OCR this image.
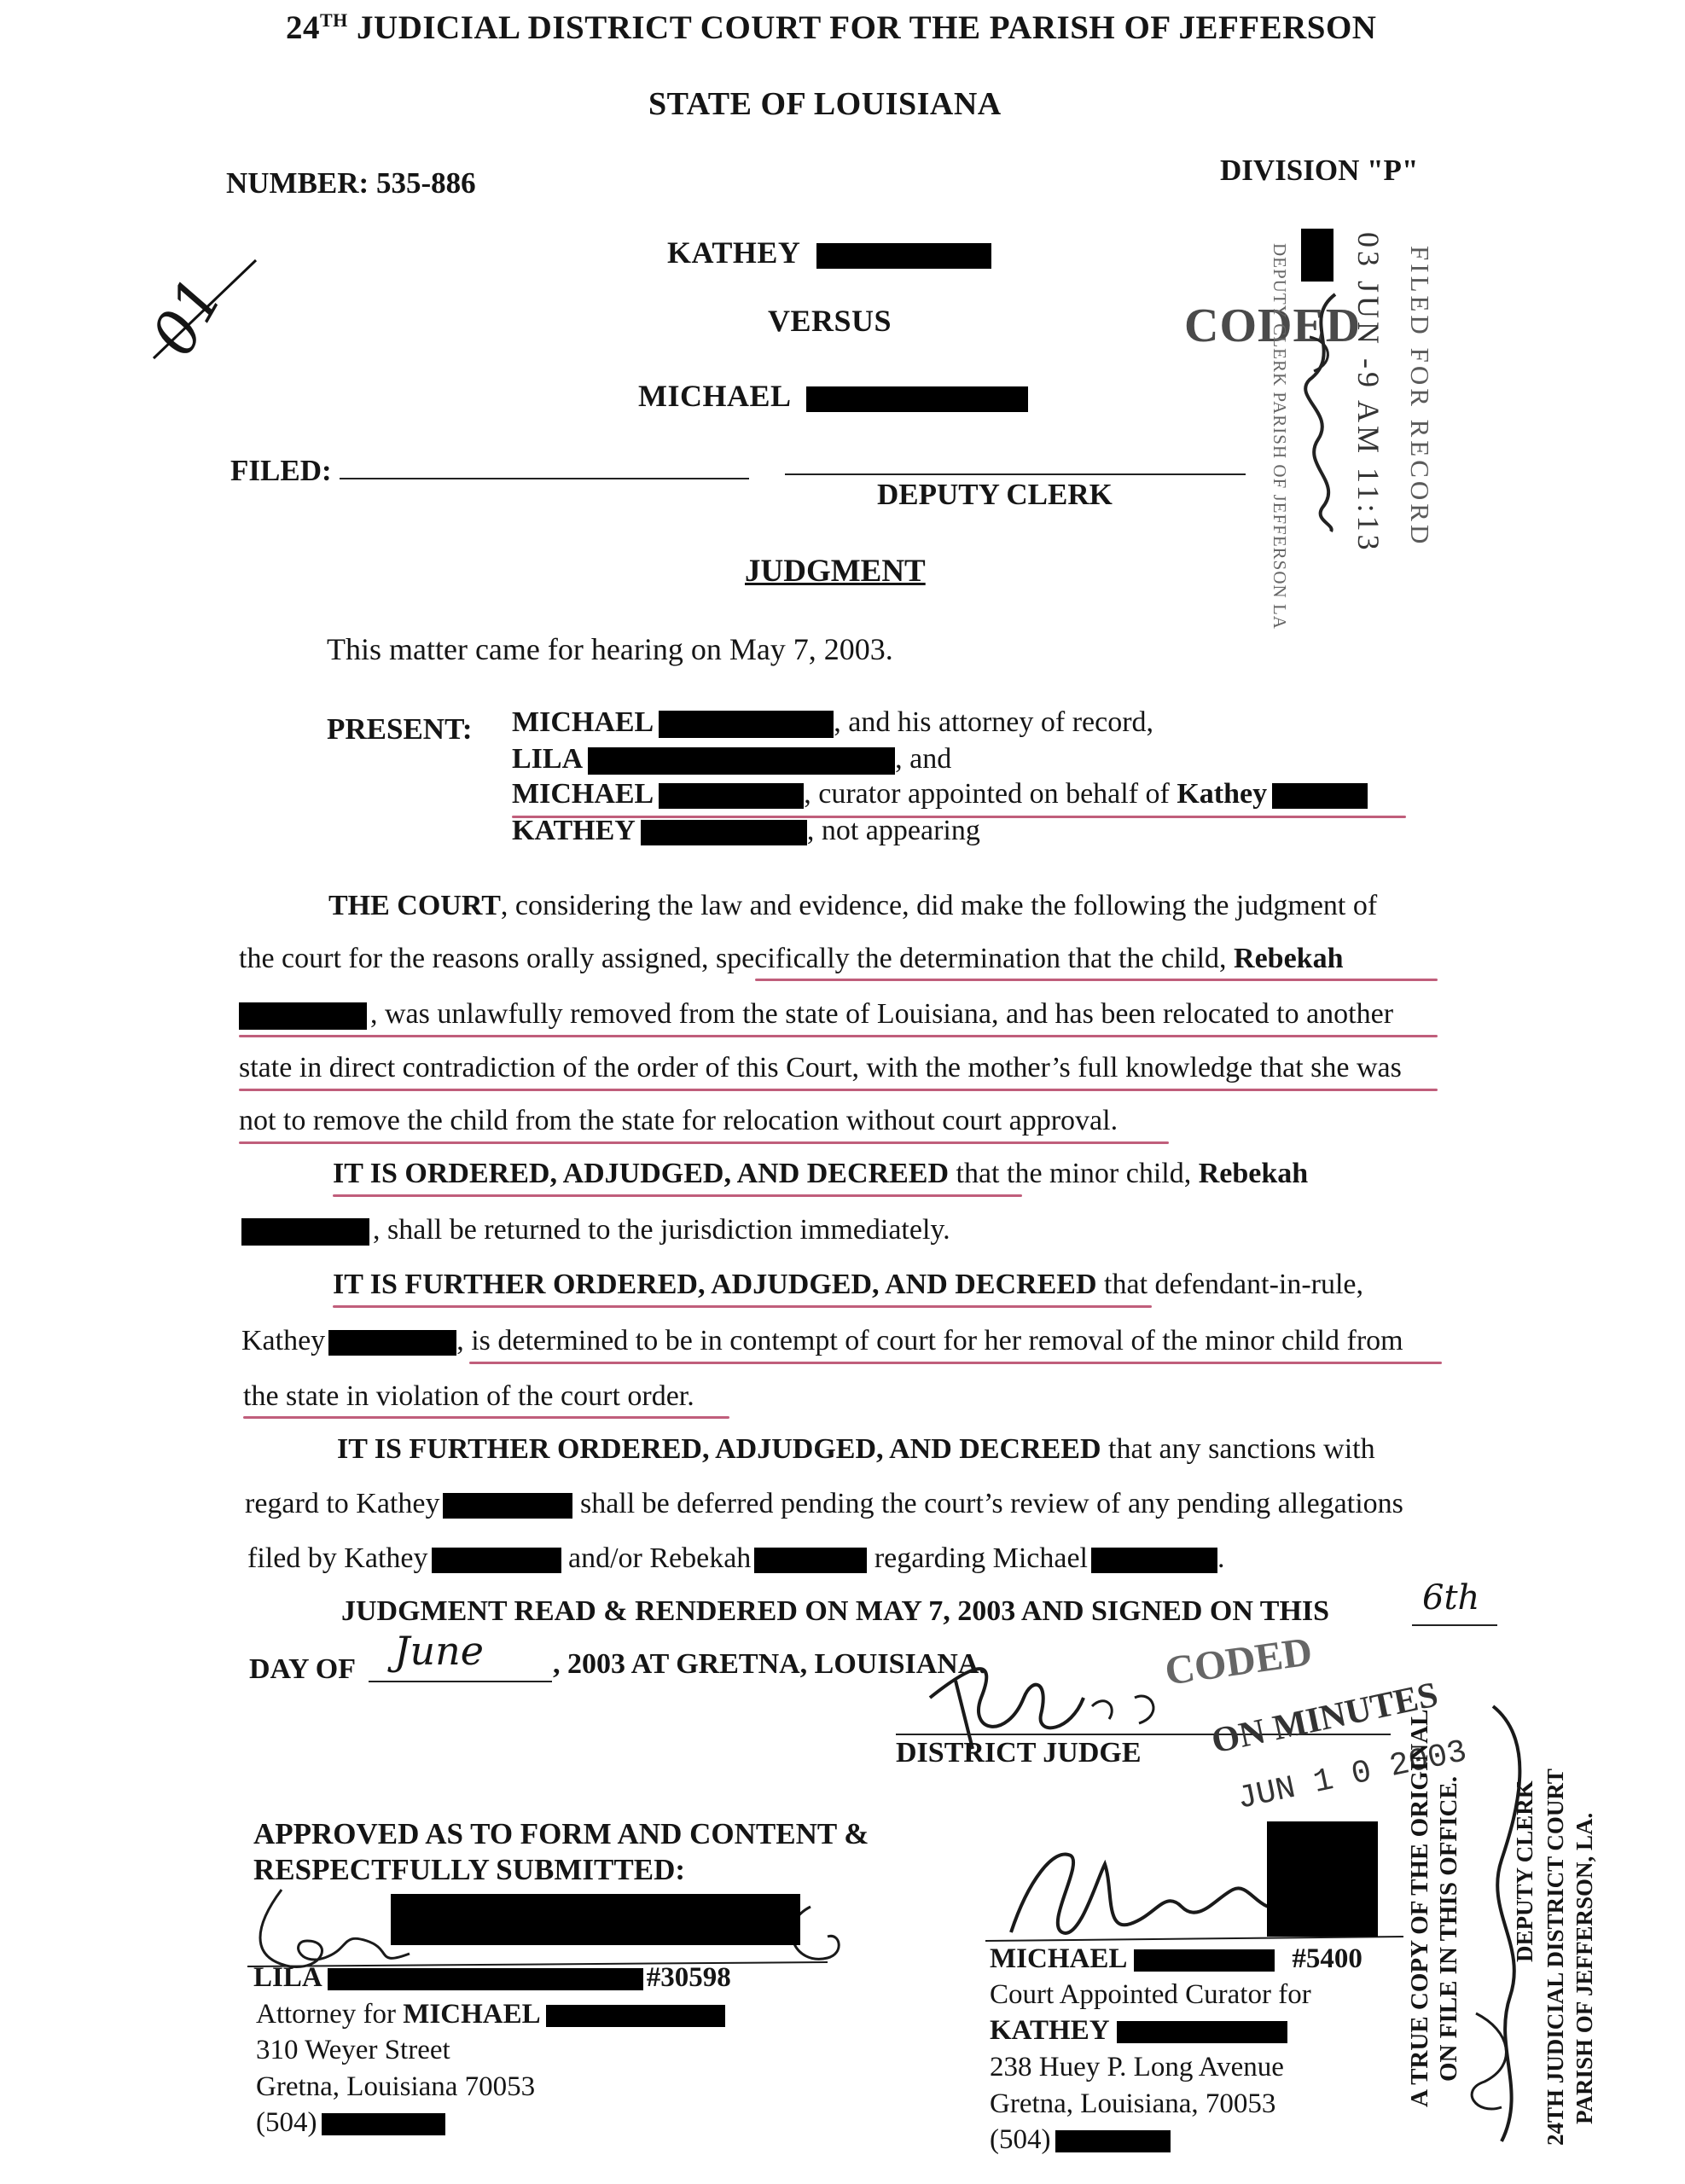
24TH JUDICIAL DISTRICT COURT FOR THE PARISH OF JEFFERSON
STATE OF LOUISIANA
NUMBER: 535-886	DIVISION "P"
01
KATHEY
VERSUS
MICHAEL
FILED:
DEPUTY CLERK
CODED FILED FOR RECORD
03 JUN -9 AM 11:13
DEPUTY CLERK PARISH OF JEFFERSON LA
JUDGMENT
This matter came for hearing on May 7, 2003.
PRESENT: MICHAEL	, and his attorney of record,
LILA	, and
MICHAEL	, curator appointed on behalf of Kathey
KATHEY	, not appearing
THE COURT, considering the law and evidence, did make the following the judgment of
the court for the reasons orally assigned, specifically the determination that the child, Rebekah
, was unlawfully removed from the state of Louisiana, and has been relocated to another
state in direct contradiction of the order of this Court, with the mother’s full knowledge that she was
not to remove the child from the state for relocation without court approval.
IT IS ORDERED, ADJUDGED, AND DECREED that the minor child, Rebekah
, shall be returned to the jurisdiction immediately.
IT IS FURTHER ORDERED, ADJUDGED, AND DECREED that defendant-in-rule,
Kathey	, is determined to be in contempt of court for her removal of the minor child from
the state in violation of the court order.
IT IS FURTHER ORDERED, ADJUDGED, AND DECREED that any sanctions with
regard to Kathey	shall be deferred pending the court’s review of any pending allegations
filed by Kathey	and/or Rebekah	regarding Michael	.
JUDGMENT READ & RENDERED ON MAY 7, 2003 AND SIGNED ON THIS	6th
DAY OF June , 2003 AT GRETNA, LOUISIANA.	CODED
DISTRICT JUDGE ON MINUTES
JUN 1 0 2003
APPROVED AS TO FORM AND CONTENT &
RESPECTFULLY SUBMITTED:
LILA	#30598
Attorney for MICHAEL
310 Weyer Street
Gretna, Louisiana 70053
(504)
MICHAEL	#5400
Court Appointed Curator for
KATHEY
238 Huey P. Long Avenue
Gretna, Louisiana, 70053
(504)
A TRUE COPY OF THE ORIGINAL ON FILE IN THIS OFFICE. DEPUTY CLERK 24TH JUDICIAL DISTRICT COURT PARISH OF JEFFERSON, LA.
